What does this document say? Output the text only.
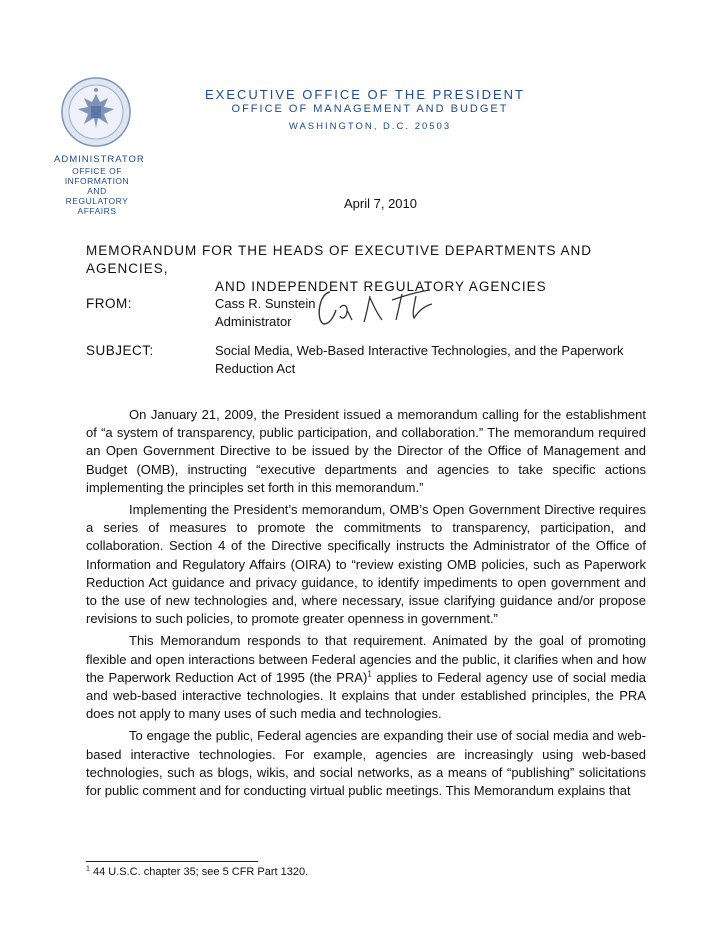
EXECUTIVE OFFICE OF THE PRESIDENT
OFFICE OF MANAGEMENT AND BUDGET
WASHINGTON, D.C. 20503
ADMINISTRATOR
OFFICE OF
INFORMATION AND
REGULATORY
AFFAIRS	April 7, 2010
MEMORANDUM FOR THE HEADS OF EXECUTIVE DEPARTMENTS AND AGENCIES,
AND INDEPENDENT REGULATORY AGENCIES
FROM:	Cass R. Sunstein
Administrator
SUBJECT:	Social Media, Web-Based Interactive Technologies, and the Paperwork Reduction Act

On January 21, 2009, the President issued a memorandum calling for the establishment of “a system of transparency, public participation, and collaboration.” The memorandum required an Open Government Directive to be issued by the Director of the Office of Management and Budget (OMB), instructing “executive departments and agencies to take specific actions implementing the principles set forth in this memorandum.”

Implementing the President’s memorandum, OMB’s Open Government Directive requires a series of measures to promote the commitments to transparency, participation, and collaboration. Section 4 of the Directive specifically instructs the Administrator of the Office of Information and Regulatory Affairs (OIRA) to “review existing OMB policies, such as Paperwork Reduction Act guidance and privacy guidance, to identify impediments to open government and to the use of new technologies and, where necessary, issue clarifying guidance and/or propose revisions to such policies, to promote greater openness in government.”

This Memorandum responds to that requirement. Animated by the goal of promoting flexible and open interactions between Federal agencies and the public, it clarifies when and how the Paperwork Reduction Act of 1995 (the PRA)$^1$ applies to Federal agency use of social media and web-based interactive technologies. It explains that under established principles, the PRA does not apply to many uses of such media and technologies.

To engage the public, Federal agencies are expanding their use of social media and web-based interactive technologies. For example, agencies are increasingly using web-based technologies, such as blogs, wikis, and social networks, as a means of “publishing” solicitations for public comment and for conducting virtual public meetings. This Memorandum explains that

$^1$ 44 U.S.C. chapter 35; see 5 CFR Part 1320.
